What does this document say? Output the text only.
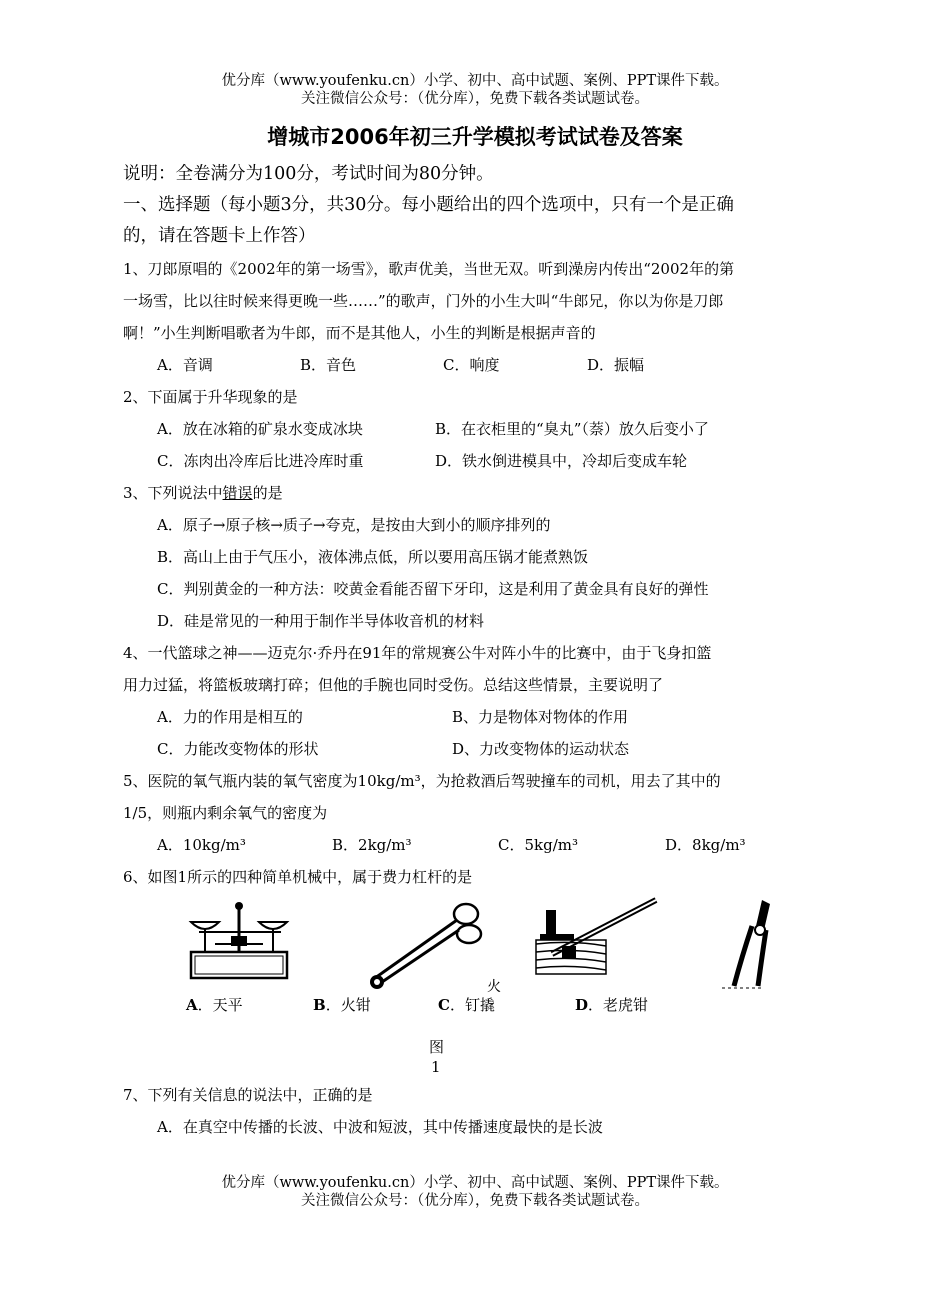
优分库（www.youfenku.cn）小学、初中、高中试题、案例、PPT课件下载。
关注微信公众号：（优分库），免费下载各类试题试卷。
增城市2006年初三升学模拟考试试卷及答案
说明：全卷满分为100分，考试时间为80分钟。
一、选择题（每小题3分，共30分。每小题给出的四个选项中，只有一个是正确
的，请在答题卡上作答）
1、刀郎原唱的《2002年的第一场雪》，歌声优美，当世无双。听到澡房内传出“2002年的第
一场雪，比以往时候来得更晚一些……”的歌声，门外的小生大叫“牛郎兄，你以为你是刀郎
啊！”小生判断唱歌者为牛郎，而不是其他人，小生的判断是根据声音的
A．音调	B．音色	C．响度	D．振幅
2、下面属于升华现象的是
A．放在冰箱的矿泉水变成冰块	B．在衣柜里的“臭丸”（萘）放久后变小了
C．冻肉出冷库后比进冷库时重	D．铁水倒进模具中，冷却后变成车轮
3、下列说法中错误的是
A．原子→原子核→质子→夸克，是按由大到小的顺序排列的
B．高山上由于气压小，液体沸点低，所以要用高压锅才能煮熟饭
C．判别黄金的一种方法：咬黄金看能否留下牙印，这是利用了黄金具有良好的弹性
D．硅是常见的一种用于制作半导体收音机的材料
4、一代篮球之神——迈克尔·乔丹在91年的常规赛公牛对阵小牛的比赛中，由于飞身扣篮
用力过猛，将篮板玻璃打碎；但他的手腕也同时受伤。总结这些情景，主要说明了
A．力的作用是相互的	B、力是物体对物体的作用
C．力能改变物体的形状	D、力改变物体的运动状态
5、医院的氧气瓶内装的氧气密度为10kg/m³，为抢救酒后驾驶撞车的司机，用去了其中的
1/5，则瓶内剩余氧气的密度为
A．10kg/m³	B．2kg/m³	C．5kg/m³	D．8kg/m³
6、如图1所示的四种简单机械中，属于费力杠杆的是
火
A．天平	B．火钳	C．钉撬	D．老虎钳
图
1
7、下列有关信息的说法中，正确的是
A．在真空中传播的长波、中波和短波，其中传播速度最快的是长波
优分库（www.youfenku.cn）小学、初中、高中试题、案例、PPT课件下载。
关注微信公众号：（优分库），免费下载各类试题试卷。
